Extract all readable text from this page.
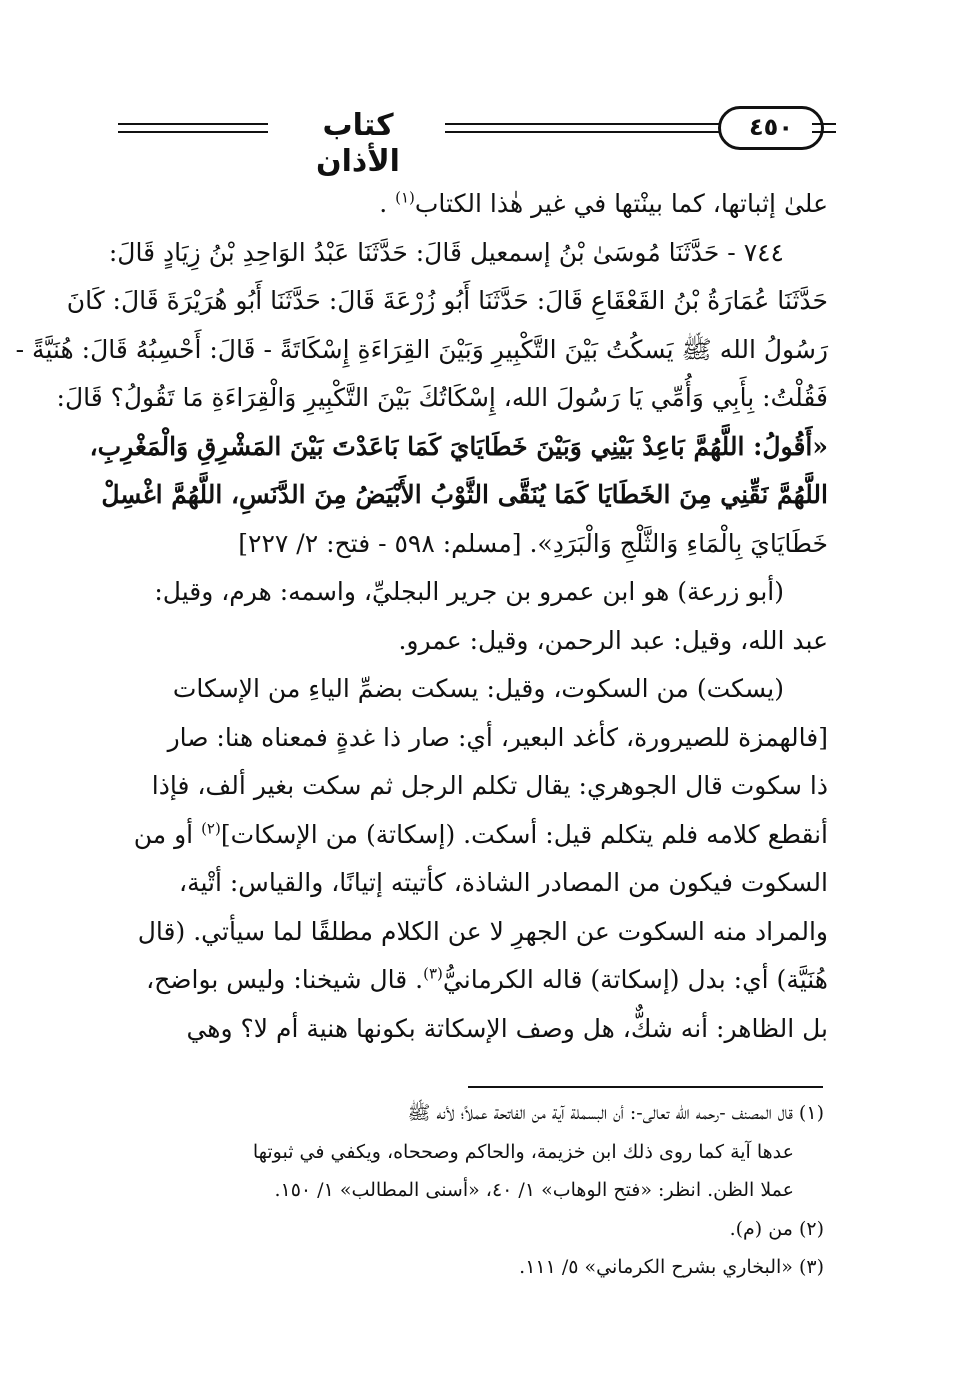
كتاب الأذان
٤٥٠
علىٰ إثباتها، كما بينْتها في غير هٰذا الكتاب$^{(١)}$ .
٧٤٤ - حَدَّثَنَا مُوسَىٰ بْنُ إسمعيل قَالَ: حَدَّثَنَا عَبْدُ الوَاحِدِ بْنُ زِيَادٍ قَالَ:
حَدَّثَنَا عُمَارَةُ بْنُ القَعْقَاعِ قَالَ: حَدَّثَنَا أَبُو زُرْعَةَ قَالَ: حَدَّثَنَا أَبُو هُرَيْرَةَ قَالَ: كَانَ
رَسُولُ الله ﷺ يَسكُتُ بَيْنَ التَّكْبِيرِ وَبَيْنَ القِرَاءَةِ إِسْكَاتَةً - قَالَ: أَحْسِبُهُ قَالَ: هُنَيَّةً -
فَقُلْتُ: بِأَبِي وَأُمِّي يَا رَسُولَ الله، إِسْكَاتُكَ بَيْنَ التَّكْبِيرِ وَالْقِرَاءَةِ مَا تَقُولُ؟ قَالَ:
«أَقُولُ: اللَّهُمَّ بَاعِدْ بَيْنِي وَبَيْنَ خَطَايَايَ كَمَا بَاعَدْتَ بَيْنَ المَشْرِقِ وَالْمَغْرِبِ،
اللَّهُمَّ نَقِّنِي مِنَ الخَطَايَا كَمَا يُنَقَّى الثَّوْبُ الأَبْيَضُ مِنَ الدَّنَسِ، اللَّهُمَّ اغْسِلْ
خَطَايَايَ بِالْمَاءِ وَالثَّلْجِ وَالْبَرَدِ». [مسلم: ٥٩٨ - فتح: ٢/ ٢٢٧]
(أبو زرعة) هو ابن عمرو بن جرير البجليِّ، واسمه: هرم، وقيل:
عبد الله، وقيل: عبد الرحمن، وقيل: عمرو.
(يسكت) من السكوت، وقيل: يسكت بضمِّ الياءِ من الإسكات
[فالهمزة للصيرورة، كأغد البعير، أي: صار ذا غدةٍ فمعناه هنا: صار
ذا سكوت قال الجوهري: يقال تكلم الرجل ثم سكت بغير ألف، فإذا
أنقطع كلامه فلم يتكلم قيل: أسكت. (إسكاتة) من الإسكات]$^{(٢)}$ أو من
السكوت فيكون من المصادر الشاذة، كأتيته إتيانًا، والقياس: أتْية،
والمراد منه السكوت عن الجهرِ لا عن الكلام مطلقًا لما سيأتي. (قال
هُنَيَّة) أي: بدل (إسكاتة) قاله الكرمانيُّ$^{(٣)}$. قال شيخنا: وليس بواضح،
بل الظاهر: أنه شكٌّ، هل وصف الإسكاتة بكونها هنية أم لا؟ وهي
(١) قال المصنف -رحمه الله تعالى-: أن البسملة آية من الفاتحة عملاً؛ لأنه ﷺ
عدها آية كما روى ذلك ابن خزيمة، والحاكم وصححاه، ويكفي في ثبوتها
عملا الظن. انظر: «فتح الوهاب» ١/ ٤٠، «أسنى المطالب» ١/ ١٥٠.
(٢) من (م).
(٣) «البخاري بشرح الكرماني» ٥/ ١١١.
